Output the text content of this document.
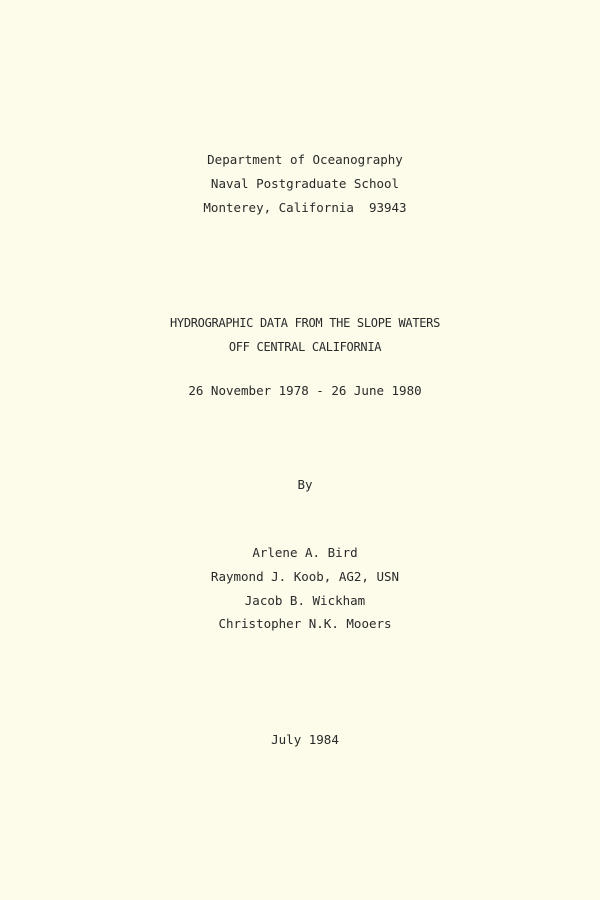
Department of Oceanography
Naval Postgraduate School
Monterey, California  93943
HYDROGRAPHIC DATA FROM THE SLOPE WATERS
OFF CENTRAL CALIFORNIA
26 November 1978 - 26 June 1980
By
Arlene A. Bird
Raymond J. Koob, AG2, USN
Jacob B. Wickham
Christopher N.K. Mooers
July 1984
